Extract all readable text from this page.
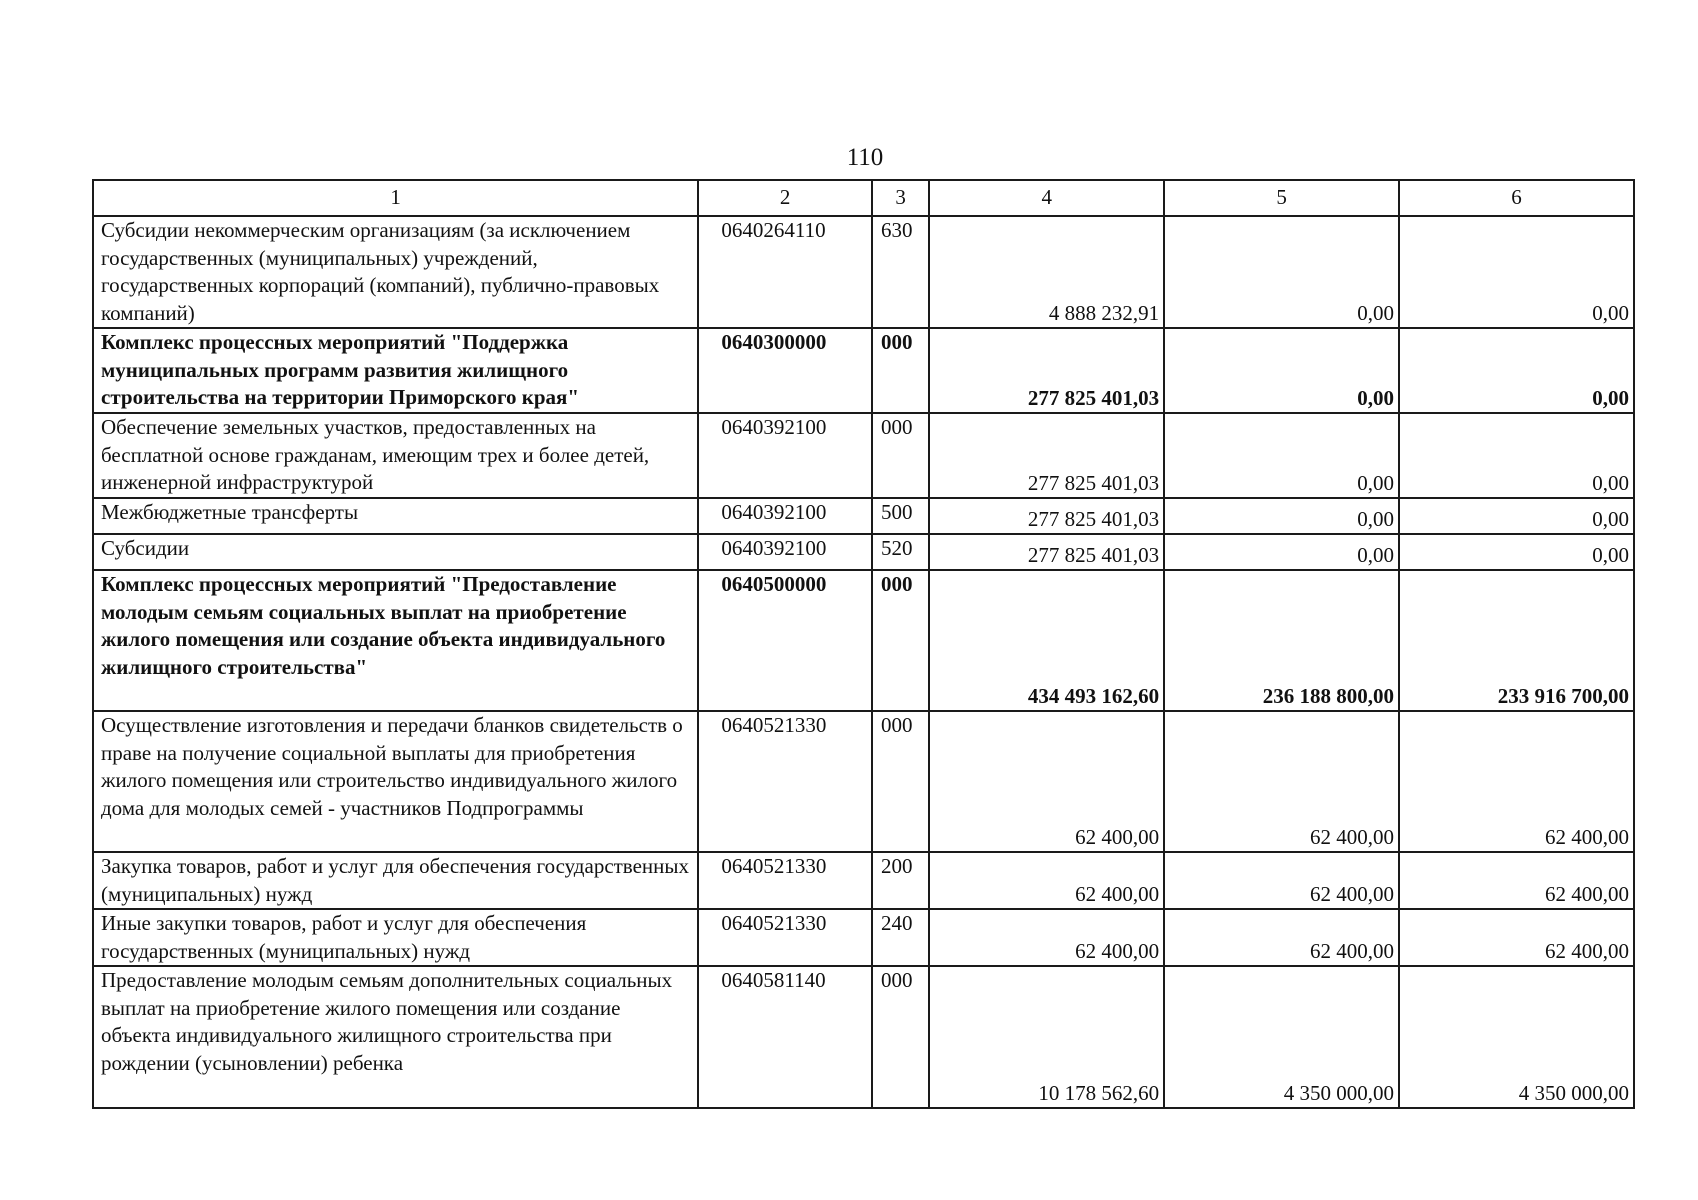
110
1	2	3	4	5	6
Субсидии некоммерческим организациям (за исключением государственных (муниципальных) учреждений, государственных корпораций (компаний), публично-правовых компаний)	0640264110	630	4 888 232,91	0,00	0,00
Комплекс процессных мероприятий "Поддержка муниципальных программ развития жилищного строительства на территории Приморского края"	0640300000	000	277 825 401,03	0,00	0,00
Обеспечение земельных участков, предоставленных на бесплатной основе гражданам, имеющим трех и более детей, инженерной инфраструктурой	0640392100	000	277 825 401,03	0,00	0,00
Межбюджетные трансферты	0640392100	500	277 825 401,03	0,00	0,00
Субсидии	0640392100	520	277 825 401,03	0,00	0,00
Комплекс процессных мероприятий "Предоставление молодым семьям социальных выплат на приобретение жилого помещения или создание объекта индивидуального жилищного строительства"	0640500000	000	434 493 162,60	236 188 800,00	233 916 700,00
Осуществление изготовления и передачи бланков свидетельств о праве на получение социальной выплаты для приобретения жилого помещения или строительство индивидуального жилого дома для молодых семей - участников Подпрограммы	0640521330	000	62 400,00	62 400,00	62 400,00
Закупка товаров, работ и услуг для обеспечения государственных (муниципальных) нужд	0640521330	200	62 400,00	62 400,00	62 400,00
Иные закупки товаров, работ и услуг для обеспечения государственных (муниципальных) нужд	0640521330	240	62 400,00	62 400,00	62 400,00
Предоставление молодым семьям дополнительных социальных выплат на приобретение жилого помещения или создание объекта индивидуального жилищного строительства при рождении (усыновлении) ребенка	0640581140	000	10 178 562,60	4 350 000,00	4 350 000,00
